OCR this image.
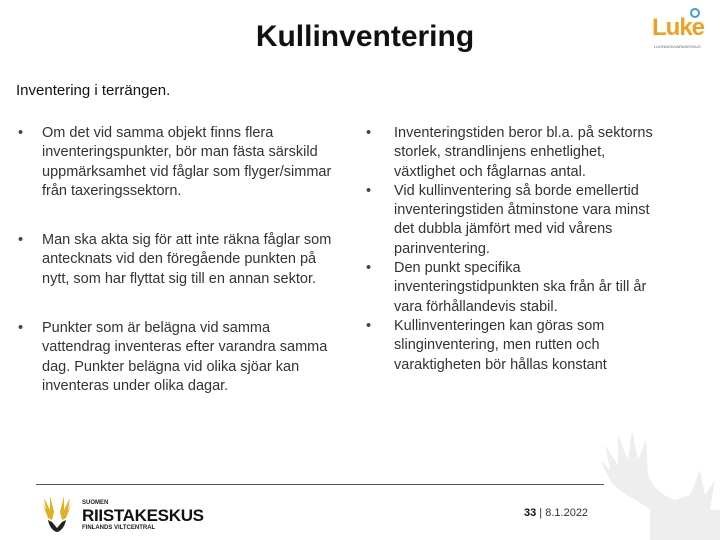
Kullinventering	Luke
LUONNONVARAKESKUS
Inventering i terrängen.
•	Om det vid samma objekt finns flera inventeringspunkter, bör man fästa särskild uppmärksamhet vid fåglar som flyger/simmar från taxeringssektorn.
•	Man ska akta sig för att inte räkna fåglar som antecknats vid den föregående punkten på nytt, som har flyttat sig till en annan sektor.
•	Punkter som är belägna vid samma vattendrag inventeras efter varandra samma dag. Punkter belägna vid olika sjöar kan inventeras under olika dagar.
•	Inventeringstiden beror bl.a. på sektorns storlek, strandlinjens enhetlighet, växtlighet och fåglarnas antal.
•	Vid kullinventering så borde emellertid inventeringstiden åtminstone vara minst det dubbla jämfört med vid vårens parinventering.
•	Den punkt specifika inventeringstidpunkten ska från år till år vara förhållandevis stabil.
•	Kullinventeringen kan göras som slinginventering, men rutten och varaktigheten bör hållas konstant
SUOMEN
RIISTAKESKUS
FINLANDS VILTCENTRAL
33 | 8.1.2022
